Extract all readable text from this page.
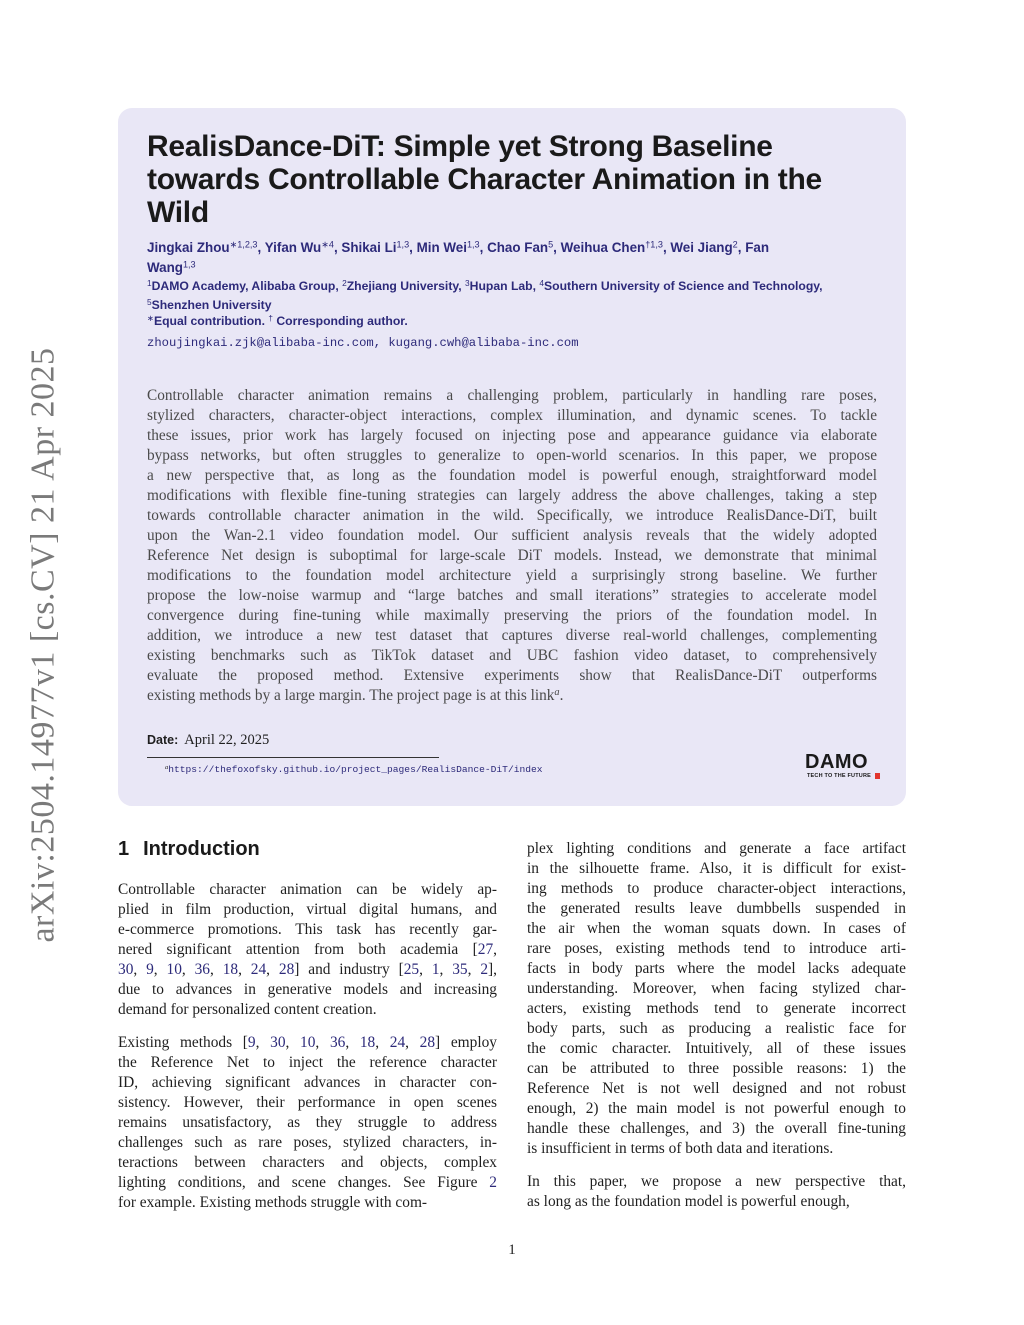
arXiv:2504.14977v1 [cs.CV] 21 Apr 2025
RealisDance-DiT: Simple yet Strong Baseline
towards Controllable Character Animation in the
Wild
Jingkai Zhou$^{∗1,2,3}$, Yifan $Wu^{∗4}$, Shikai Li$^{1,3}$, Min Wei$^{1,3}$, Chao Fan$^5$, Weihua Chen$^{\dagger 1,3}$, Wei Jiang$^2$, Fan
Wang$^{1,3}$
$^1$DAMO Academy, Alibaba Group, $^2$Zhejiang University, $^3$Hupan Lab, $^4$Southern University of Science and Technology,
$^5$Shenzhen University
∗Equal contribution. † Corresponding author.
zhoujingkai.zjk@alibaba-inc.com, kugang.cwh@alibaba-inc.com
Controllable character animation remains a challenging problem, particularly in handling rare poses,
stylized characters, character-object interactions, complex illumination, and dynamic scenes. To tackle
these issues, prior work has largely focused on injecting pose and appearance guidance via elaborate
bypass networks, but often struggles to generalize to open-world scenarios. In this paper, we propose
a new perspective that, as long as the foundation model is powerful enough, straightforward model
modifications with flexible fine-tuning strategies can largely address the above challenges, taking a step
towards controllable character animation in the wild. Specifically, we introduce RealisDance-DiT, built
upon the Wan-2.1 video foundation model. Our sufficient analysis reveals that the widely adopted
Reference Net design is suboptimal for large-scale DiT models. Instead, we demonstrate that minimal
modifications to the foundation model architecture yield a surprisingly strong baseline. We further
propose the low-noise warmup and “large batches and small iterations” strategies to accelerate model
convergence during fine-tuning while maximally preserving the priors of the foundation model. In
addition, we introduce a new test dataset that captures diverse real-world challenges, complementing
existing benchmarks such as TikTok dataset and UBC fashion video dataset, to comprehensively
evaluate the proposed method. Extensive experiments show that RealisDance-DiT outperforms
existing methods by a large margin. The project page is at this link$^a$.
Date: April 22, 2025
$^a$https://thefoxofsky.github.io/project_pages/RealisDance-DiT/index	DAMO
TECH TO THE FUTURE
1 Introduction
Controllable character animation can be widely ap-
plied in film production, virtual digital humans, and
e-commerce promotions. This task has recently gar-
nered significant attention from both academia [27,
30, 9, 10, 36, 18, 24, 28] and industry [25, 1, 35, 2],
due to advances in generative models and increasing
demand for personalized content creation.
Existing methods [9, 30, 10, 36, 18, 24, 28] employ
the Reference Net to inject the reference character
ID, achieving significant advances in character con-
sistency. However, their performance in open scenes
remains unsatisfactory, as they struggle to address
challenges such as rare poses, stylized characters, in-
teractions between characters and objects, complex
lighting conditions, and scene changes. See Figure 2
for example. Existing methods struggle with com-
plex lighting conditions and generate a face artifact
in the silhouette frame. Also, it is difficult for exist-
ing methods to produce character-object interactions,
the generated results leave dumbbells suspended in
the air when the woman squats down. In cases of
rare poses, existing methods tend to introduce arti-
facts in body parts where the model lacks adequate
understanding. Moreover, when facing stylized char-
acters, existing methods tend to generate incorrect
body parts, such as producing a realistic face for
the comic character. Intuitively, all of these issues
can be attributed to three possible reasons: 1) the
Reference Net is not well designed and not robust
enough, 2) the main model is not powerful enough to
handle these challenges, and 3) the overall fine-tuning
is insufficient in terms of both data and iterations.
In this paper, we propose a new perspective that,
as long as the foundation model is powerful enough,
1
